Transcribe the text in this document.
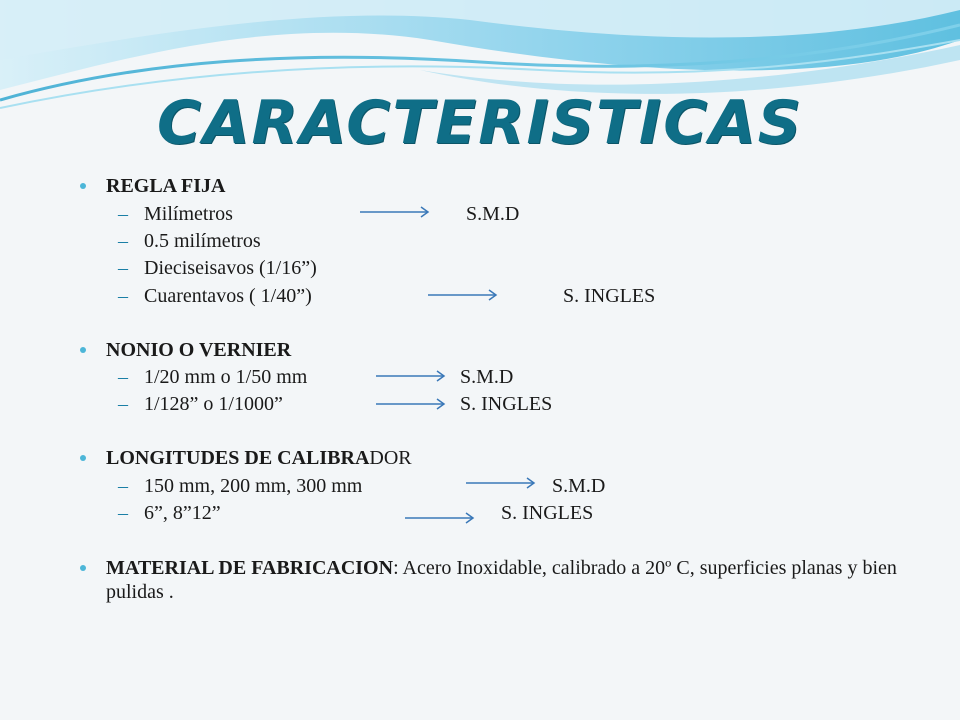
CARACTERISTICAS
REGLA FIJA
– Milímetros	S.M.D
– 0.5 milímetros
– Dieciseisavos (1/16”)
– Cuarentavos ( 1/40”)	S. INGLES
NONIO O VERNIER
– 1/20 mm o 1/50 mm	S.M.D
– 1/128” o 1/1000”	S. INGLES
LONGITUDES DE CALIBRADOR
– 150 mm, 200 mm, 300 mm	S.M.D
– 6”, 8”12”	S. INGLES
MATERIAL DE FABRICACION: Acero Inoxidable, calibrado a 20º C, superficies planas y bien pulidas .
